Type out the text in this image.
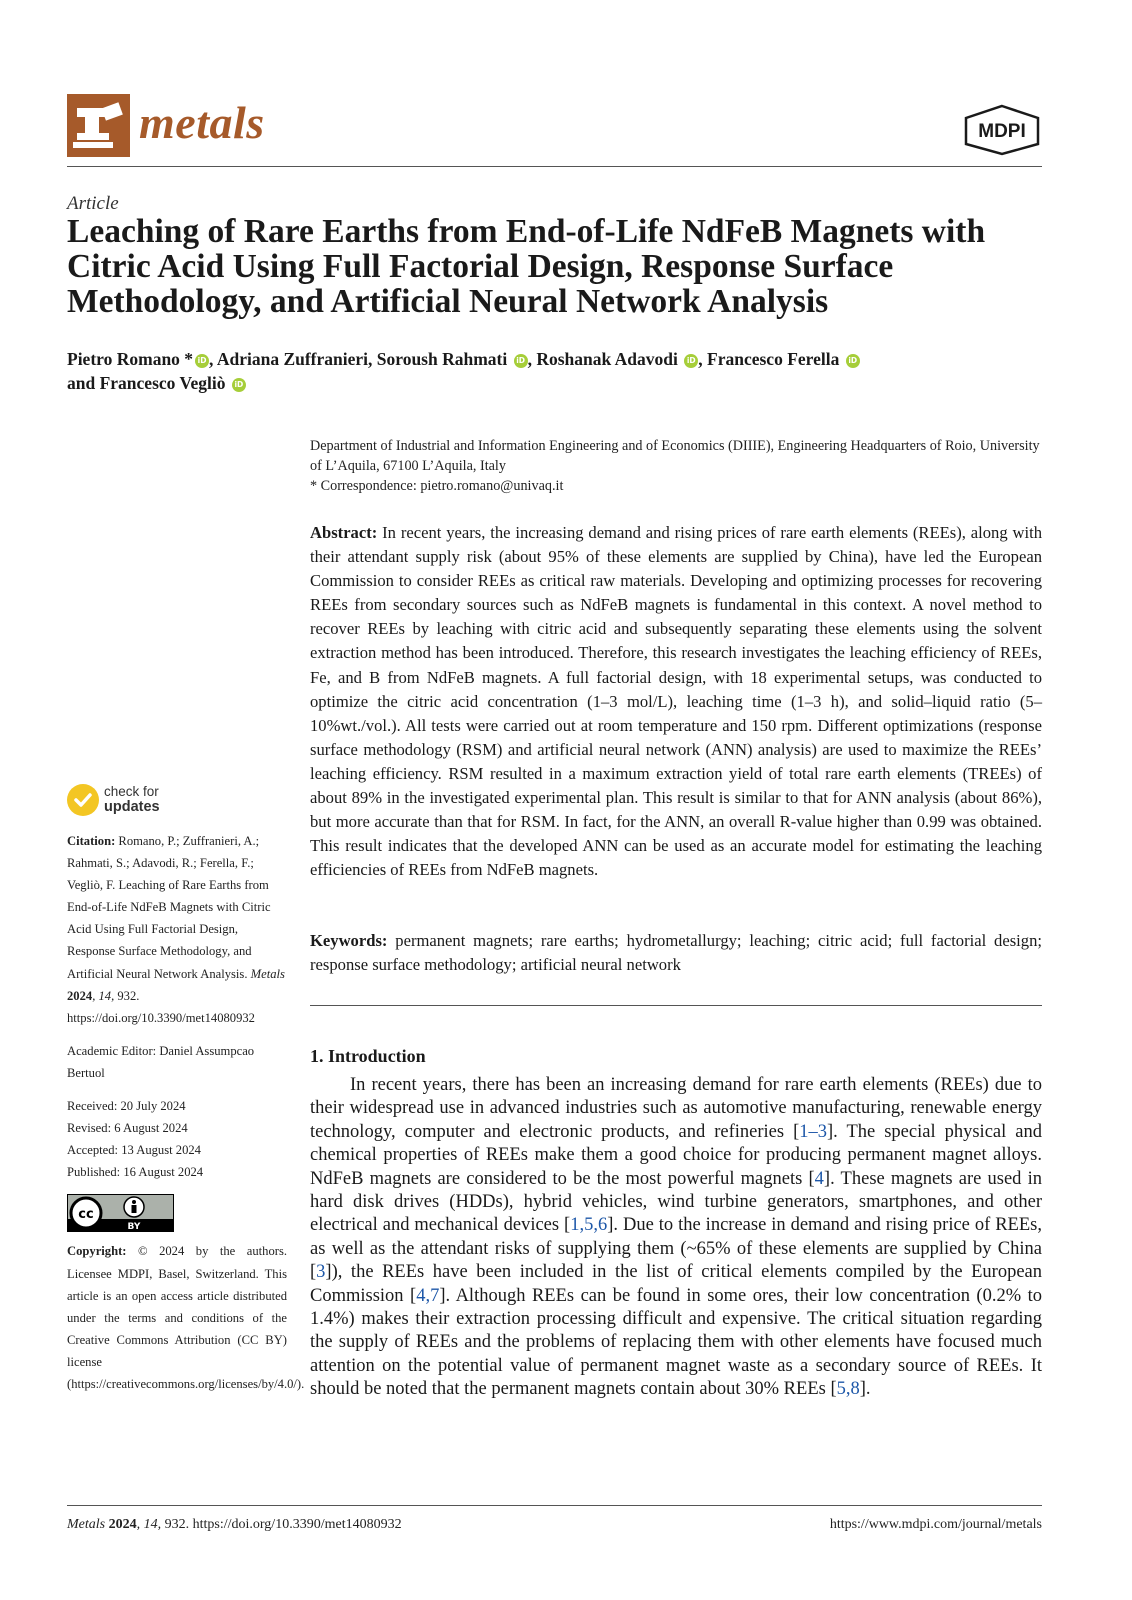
metals	MDPI
Article
Leaching of Rare Earths from End-of-Life NdFeB Magnets with Citric Acid Using Full Factorial Design, Response Surface Methodology, and Artificial Neural Network Analysis
Pietro Romano * iD , Adriana Zuffranieri, Soroush Rahmati iD , Roshanak Adavodi iD , Francesco Ferella iD
and Francesco Vegliò iD

Department of Industrial and Information Engineering and of Economics (DIIIE), Engineering Headquarters of Roio, University of L’Aquila, 67100 L’Aquila, Italy

* Correspondence: pietro.romano@univaq.it

Abstract: In recent years, the increasing demand and rising prices of rare earth elements (REEs), along with their attendant supply risk (about 95% of these elements are supplied by China), have led the European Commission to consider REEs as critical raw materials. Developing and optimizing processes for recovering REEs from secondary sources such as NdFeB magnets is fundamental in this context. A novel method to recover REEs by leaching with citric acid and subsequently separating these elements using the solvent extraction method has been introduced. Therefore, this research investigates the leaching efficiency of REEs, Fe, and B from NdFeB magnets. A full factorial design, with 18 experimental setups, was conducted to optimize the citric acid concentration (1–3 mol/L), leaching time (1–3 h), and solid–liquid ratio (5–10%wt./vol.). All tests were carried out at room temperature and 150 rpm. Different optimizations (response surface methodology (RSM) and artificial neural network (ANN) analysis) are used to maximize the REEs’ leaching efficiency. RSM resulted in a maximum extraction yield of total rare earth elements (TREEs) of about 89% in the investigated experimental plan. This result is similar to that for ANN analysis (about 86%), but more accurate than that for RSM. In fact, for the ANN, an overall R-value higher than 0.99 was obtained. This result indicates that the developed ANN can be used as an accurate model for estimating the leaching efficiencies of REEs from NdFeB magnets.

Keywords: permanent magnets; rare earths; hydrometallurgy; leaching; citric acid; full factorial design; response surface methodology; artificial neural network

1. Introduction

In recent years, there has been an increasing demand for rare earth elements (REEs) due to their widespread use in advanced industries such as automotive manufacturing, renewable energy technology, computer and electronic products, and refineries [1–3]. The special physical and chemical properties of REEs make them a good choice for producing permanent magnet alloys. NdFeB magnets are considered to be the most powerful magnets [4]. These magnets are used in hard disk drives (HDDs), hybrid vehicles, wind turbine generators, smartphones, and other electrical and mechanical devices [1,5,6]. Due to the increase in demand and rising price of REEs, as well as the attendant risks of supplying them (~65% of these elements are supplied by China [3]), the REEs have been included in the list of critical elements compiled by the European Commission [4,7]. Although REEs can be found in some ores, their low concentration (0.2% to 1.4%) makes their extraction processing difficult and expensive. The critical situation regarding the supply of REEs and the problems of replacing them with other elements have focused much attention on the potential value of permanent magnet waste as a secondary source of REEs. It should be noted that the permanent magnets contain about 30% REEs [5,8].

check for
updates

Citation: Romano, P.; Zuffranieri, A.; Rahmati, S.; Adavodi, R.; Ferella, F.; Vegliò, F. Leaching of Rare Earths from End-of-Life NdFeB Magnets with Citric Acid Using Full Factorial Design, Response Surface Methodology, and Artificial Neural Network Analysis. Metals 2024, 14, 932. https://doi.org/10.3390/met14080932

Academic Editor: Daniel Assumpcao Bertuol

Received: 20 July 2024

Revised: 6 August 2024

Accepted: 13 August 2024

Published: 16 August 2024

cc
BY

Copyright: © 2024 by the authors. Licensee MDPI, Basel, Switzerland. This article is an open access article distributed under the terms and conditions of the Creative Commons Attribution (CC BY) license (https://creativecommons.org/licenses/by/4.0/).

Metals 2024, 14, 932. https://doi.org/10.3390/met14080932	https://www.mdpi.com/journal/metals
